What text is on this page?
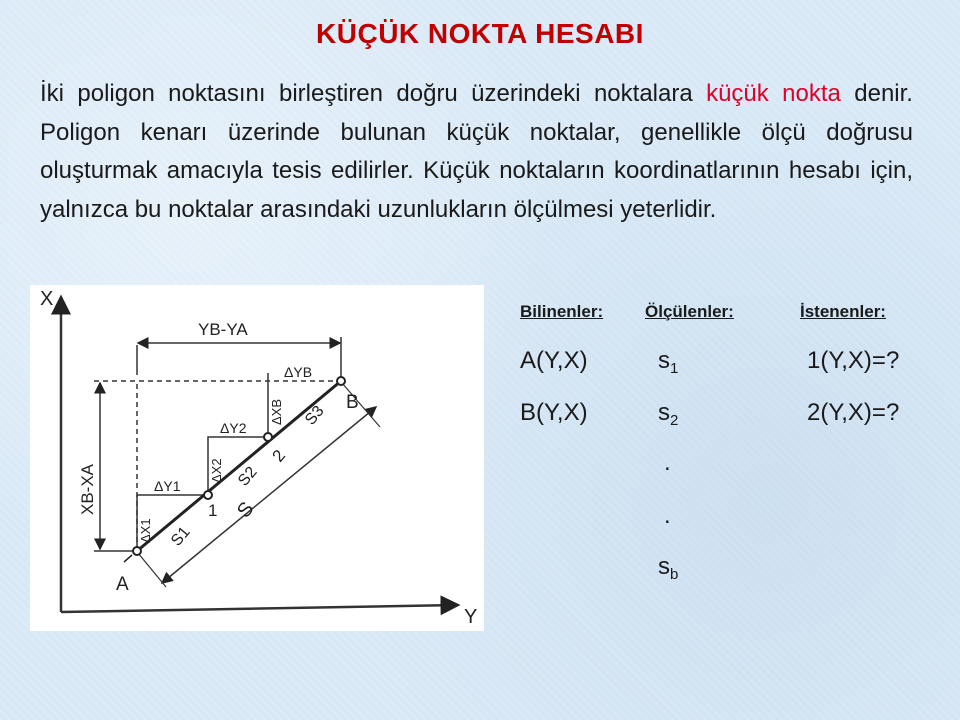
KÜÇÜK NOKTA HESABI
İki poligon noktasını birleştiren doğru üzerindeki noktalara küçük nokta denir. Poligon kenarı üzerinde bulunan küçük noktalar, genellikle ölçü doğrusu oluşturmak amacıyla tesis edilirler. Küçük noktaların koordinatlarının hesabı için, yalnızca bu noktalar arasındaki uzunlukların ölçülmesi yeterlidir.
X
Y
YB-YA
XB-XA
A
1
2
B
S1
S2
S3
S
ΔY1
ΔY2
ΔYB
ΔX1
ΔX2
ΔXB
Bilinenler: Ölçülenler:	İstenenler:
A(Y,X)
B(Y,X)
$s_1$
$s_2$
.
.
$s_b$
1(Y,X)=?
2(Y,X)=?
